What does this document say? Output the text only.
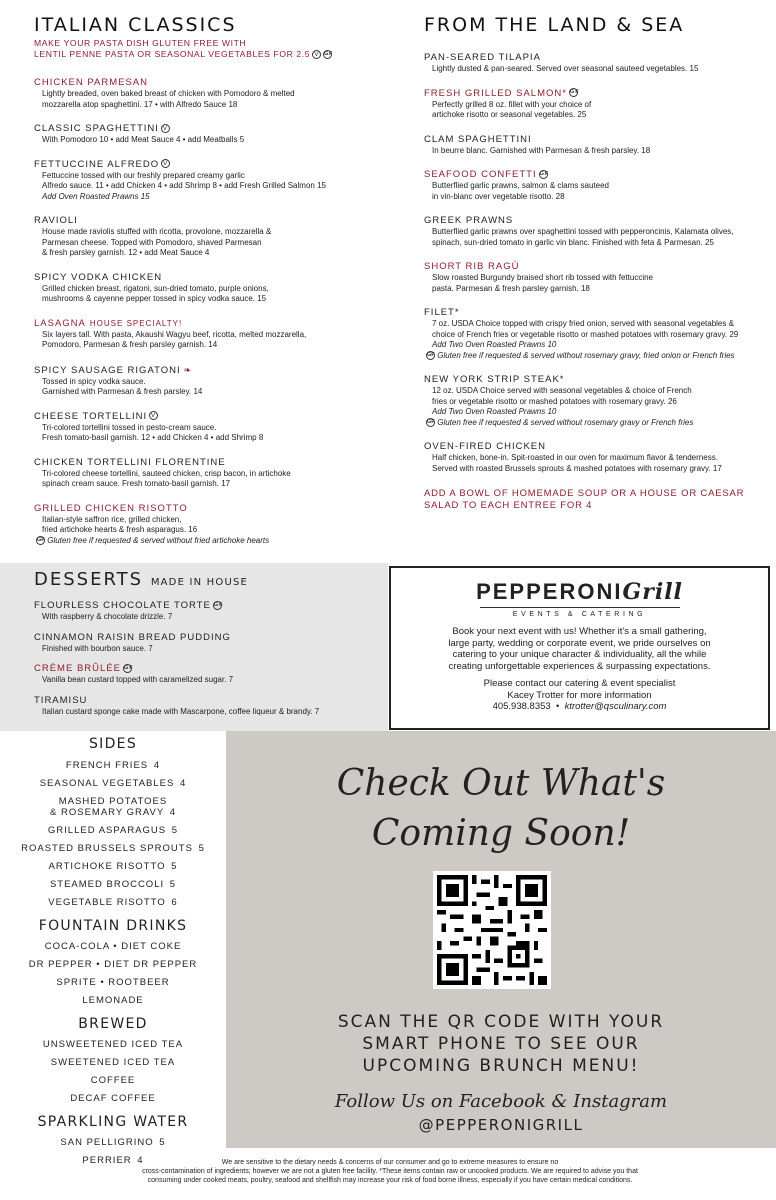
ITALIAN CLASSICS
MAKE YOUR PASTA DISH GLUTEN FREE WITH
LENTIL PENNE PASTA OR SEASONAL VEGETABLES FOR 2.5 V GF
CHICKEN PARMESAN
Lightly breaded, oven baked breast of chicken with Pomodoro & melted
mozzarella atop spaghettini. 17 • with Alfredo Sauce 18
CLASSIC SPAGHETTINI V
With Pomodoro 10 • add Meat Sauce 4 • add Meatballs 5
FETTUCCINE ALFREDO V
Fettuccine tossed with our freshly prepared creamy garlic
Alfredo sauce. 11 • add Chicken 4 • add Shrimp 8 • add Fresh Grilled Salmon 15
Add Oven Roasted Prawns 15
RAVIOLI
House made raviolis stuffed with ricotta, provolone, mozzarella &
Parmesan cheese. Topped with Pomodoro, shaved Parmesan
& fresh parsley garnish. 12 • add Meat Sauce 4
SPICY VODKA CHICKEN
Grilled chicken breast, rigatoni, sun-dried tomato, purple onions,
mushrooms & cayenne pepper tossed in spicy vodka sauce. 15
LASAGNA HOUSE SPECIALTY!
Six layers tall. With pasta, Akaushi Wagyu beef, ricotta, melted mozzarella,
Pomodoro, Parmesan & fresh parsley garnish. 14
SPICY SAUSAGE RIGATONI ❧
Tossed in spicy vodka sauce.
Garnished with Parmesan & fresh parsley. 14
CHEESE TORTELLINI V
Tri-colored tortellini tossed in pesto-cream sauce.
Fresh tomato-basil garnish. 12 • add Chicken 4 • add Shrimp 8
CHICKEN TORTELLINI FLORENTINE
Tri-colored cheese tortellini, sauteed chicken, crisp bacon, in artichoke
spinach cream sauce. Fresh tomato-basil garnish. 17
GRILLED CHICKEN RISOTTO
Italian-style saffron rice, grilled chicken,
fried artichoke hearts & fresh asparagus. 16
GF Gluten free if requested & served without fried artichoke hearts
FROM THE LAND & SEA
PAN-SEARED TILAPIA
Lightly dusted & pan-seared. Served over seasonal sauteed vegetables. 15
FRESH GRILLED SALMON* GF
Perfectly grilled 8 oz. fillet with your choice of
artichoke risotto or seasonal vegetables. 25
CLAM SPAGHETTINI
In beurre blanc. Garnished with Parmesan & fresh parsley. 18
SEAFOOD CONFETTI GF
Butterflied garlic prawns, salmon & clams sauteed
in vin-blanc over vegetable risotto. 28
GREEK PRAWNS
Butterflied garlic prawns over spaghettini tossed with pepperoncinis, Kalamata olives,
spinach, sun-dried tomato in garlic vin blanc. Finished with feta & Parmesan. 25
SHORT RIB RAGÙ
Slow roasted Burgundy braised short rib tossed with fettuccine
pasta. Parmesan & fresh parsley garnish. 18
FILET*
7 oz. USDA Choice topped with crispy fried onion, served with seasonal vegetables &
choice of French fries or vegetable risotto or mashed potatoes with rosemary gravy. 29
Add Two Oven Roasted Prawns 10
GF Gluten free if requested & served without rosemary gravy, fried onion or French fries
NEW YORK STRIP STEAK*
12 oz. USDA Choice served with seasonal vegetables & choice of French
fries or vegetable risotto or mashed potatoes with rosemary gravy. 26
Add Two Oven Roasted Prawns 10
GF Gluten free if requested & served without rosemary gravy or French fries
OVEN-FIRED CHICKEN
Half chicken, bone-in. Spit-roasted in our oven for maximum flavor & tenderness.
Served with roasted Brussels sprouts & mashed potatoes with rosemary gravy. 17
ADD A BOWL OF HOMEMADE SOUP OR A HOUSE OR CAESAR
SALAD TO EACH ENTREE FOR 4
DESSERTS MADE IN HOUSE
FLOURLESS CHOCOLATE TORTE GF
With raspberry & chocolate drizzle. 7
CINNAMON RAISIN BREAD PUDDING
Finished with bourbon sauce. 7
CRÈME BRÛLÉE GF
Vanilla bean custard topped with caramelized sugar. 7
TIRAMISU
Italian custard sponge cake made with Mascarpone, coffee liqueur & brandy. 7
PEPPERONIGrill
EVENTS & CATERING
Book your next event with us! Whether it's a small gathering,
large party, wedding or corporate event, we pride ourselves on
catering to your unique character & individuality, all the while
creating unforgettable experiences & surpassing expectations.
Please contact our catering & event specialist
Kacey Trotter for more information
405.938.8353  •  ktrotter@qsculinary.com
SIDES
FRENCH FRIES 4
SEASONAL VEGETABLES 4
MASHED POTATOES
& ROSEMARY GRAVY 4
GRILLED ASPARAGUS 5
ROASTED BRUSSELS SPROUTS 5
ARTICHOKE RISOTTO 5
STEAMED BROCCOLI 5
VEGETABLE RISOTTO 6
FOUNTAIN DRINKS
COCA-COLA • DIET COKE
DR PEPPER • DIET DR PEPPER
SPRITE • ROOTBEER
LEMONADE
BREWED
UNSWEETENED ICED TEA
SWEETENED ICED TEA
COFFEE
DECAF COFFEE
SPARKLING WATER
SAN PELLIGRINO 5
PERRIER 4
Check Out What's
Coming Soon!
SCAN THE QR CODE WITH YOUR
SMART PHONE TO SEE OUR
UPCOMING BRUNCH MENU!
Follow Us on Facebook & Instagram
@PEPPERONIGRILL
We are sensitive to the dietary needs & concerns of our consumer and go to extreme measures to ensure no
cross-contamination of ingredients; however we are not a gluten free facility. *These items contain raw or uncooked products. We are required to advise you that
consuming under cooked meats, poultry, seafood and shellfish may increase your risk of food borne illness, especially if you have certain medical conditions.
